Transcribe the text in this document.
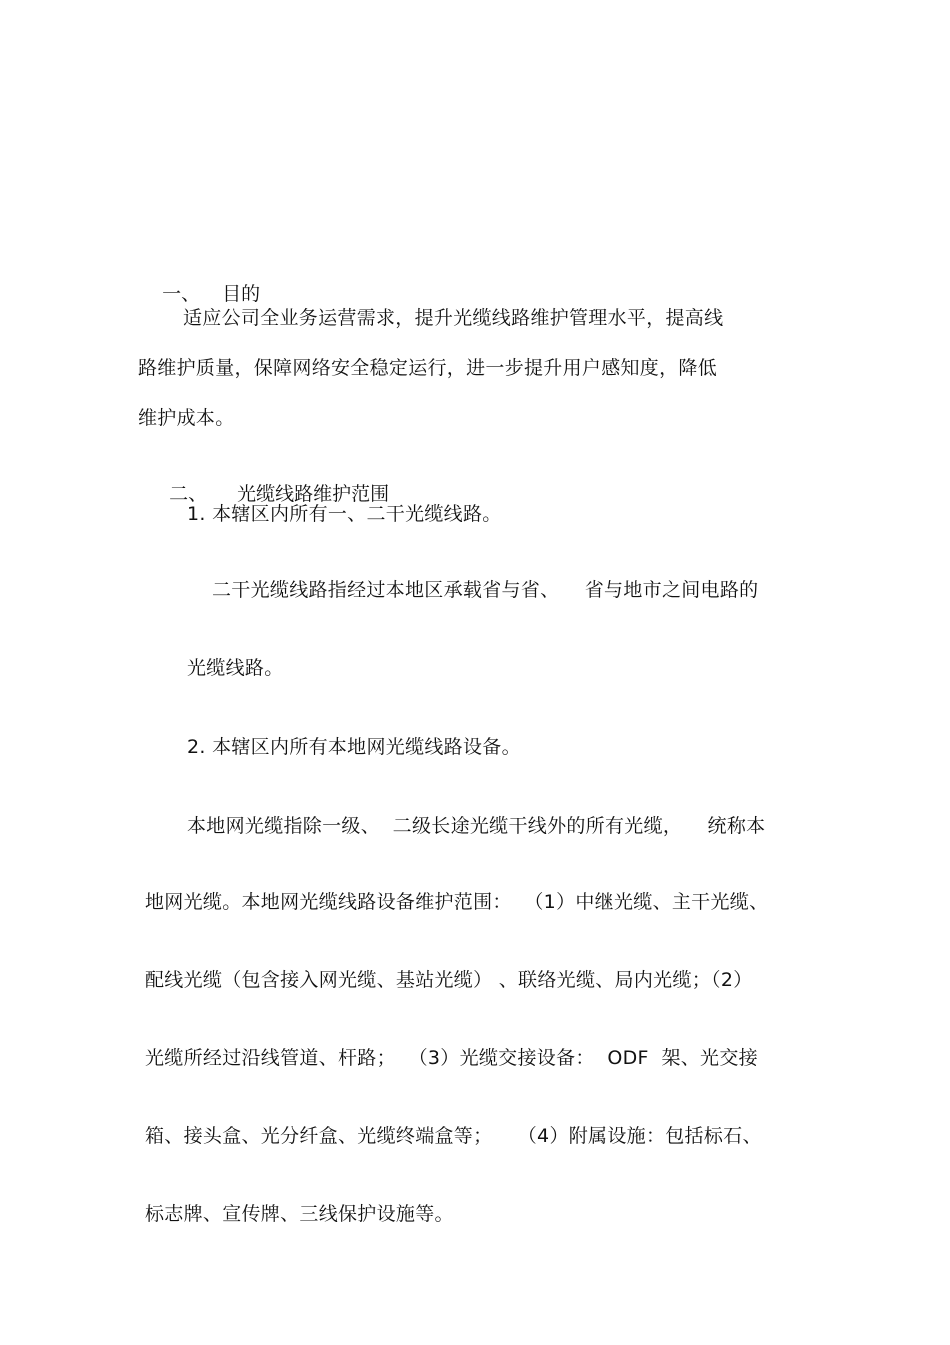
一、 目的

适应公司全业务运营需求，提升光缆线路维护管理水平，提高线
路维护质量，保障网络安全稳定运行，进一步提升用户感知度，降低
维护成本。

二、 光缆线路维护范围

1. 本辖区内所有一、二干光缆线路。
二干光缆线路指经过本地区承载省与省、    省与地市之间电路的
光缆线路。
2. 本辖区内所有本地网光缆线路设备。
本地网光缆指除一级、  二级长途光缆干线外的所有光缆，    统称本
地网光缆。本地网光缆线路设备维护范围：  （1）中继光缆、主干光缆、
配线光缆（包含接入网光缆、基站光缆） 、联络光缆、局内光缆；（2）
光缆所经过沿线管道、杆路；  （3）光缆交接设备：  ODF  架、光交接
箱、接头盒、光分纤盒、光缆终端盒等；    （4）附属设施：包括标石、
标志牌、宣传牌、三线保护设施等。
